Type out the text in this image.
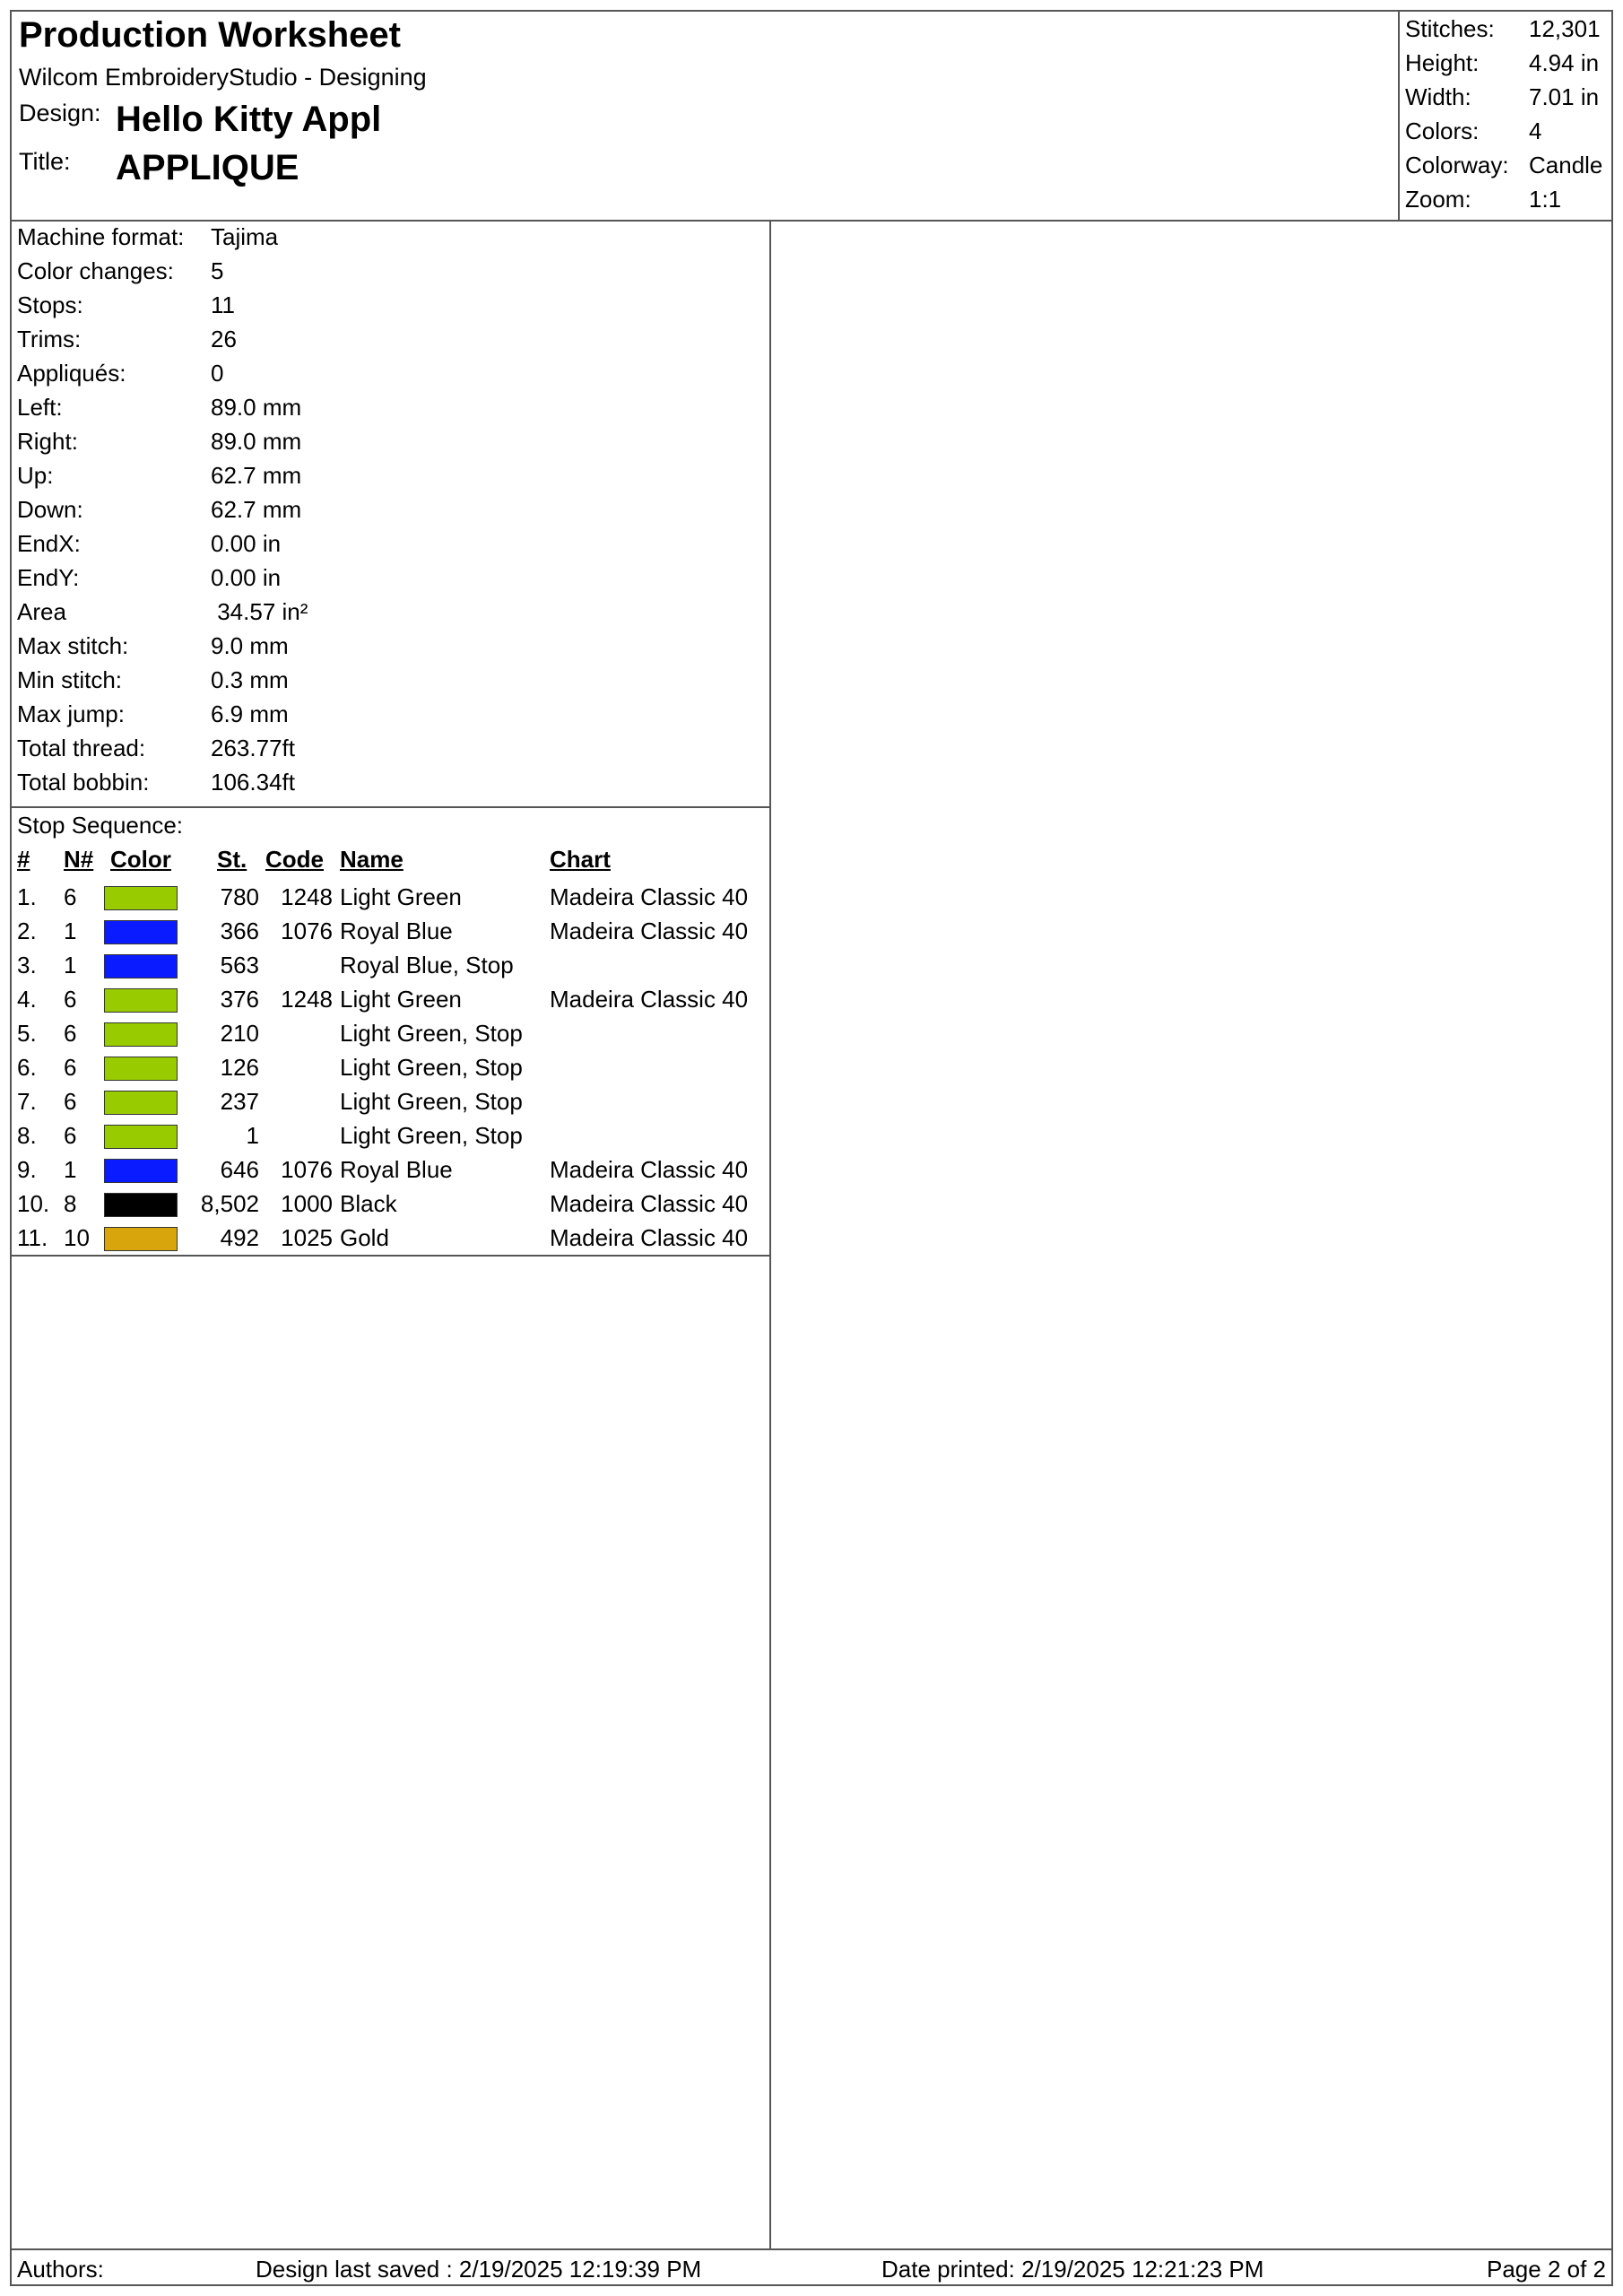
Production Worksheet
Wilcom EmbroideryStudio - Designing
Design: Hello Kitty Appl
Title: APPLIQUE
Stitches: 12,301
Height: 4.94 in
Width: 7.01 in
Colors: 4
Colorway: Candle
Zoom: 1:1
Machine format: Tajima
Color changes: 5
Stops:	11
Trims:	26
Appliqués:	0
Left:	89.0 mm
Right:	89.0 mm
Up:	62.7 mm
Down:	62.7 mm
EndX:	0.00 in
EndY:	0.00 in
Area	34.57 in²
Max stitch:	9.0 mm
Min stitch:	0.3 mm
Max jump:	6.9 mm
Total thread:	263.77ft
Total bobbin:	106.34ft
Stop Sequence:
# N# Color St. Code Name	Chart
1. 6	780 1248 Light Green	Madeira Classic 40
2. 1	366 1076 Royal Blue	Madeira Classic 40
3. 1	563	Royal Blue, Stop
4. 6	376 1248 Light Green	Madeira Classic 40
5. 6	210	Light Green, Stop
6. 6	126	Light Green, Stop
7. 6	237	Light Green, Stop
8. 6	1	Light Green, Stop
9. 1	646 1076 Royal Blue	Madeira Classic 40
10. 8	8,502 1000 Black	Madeira Classic 40
11. 10	492 1025 Gold	Madeira Classic 40
Authors:	Design last saved : 2/19/2025 12:19:39 PM	Date printed: 2/19/2025 12:21:23 PM	Page 2 of 2
